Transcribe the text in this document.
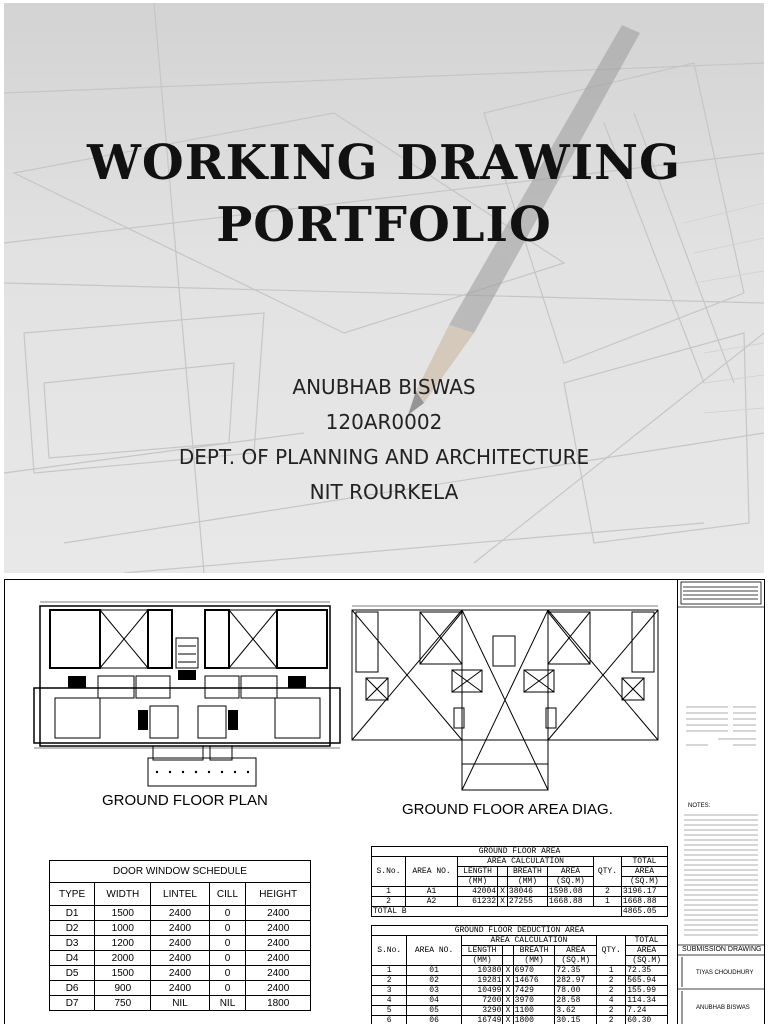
WORKING DRAWING
PORTFOLIO
ANUBHAB BISWAS
120AR0002
DEPT. OF PLANNING AND ARCHITECTURE
NIT ROURKELA
GROUND FLOOR PLAN
GROUND FLOOR AREA DIAG.
DOOR WINDOW SCHEDULE				
TYPE	WIDTH	LINTEL	CILL	HEIGHT
D1	1500	2400	0	2400
D2	1000	2400	0	2400
D3	1200	2400	0	2400
D4	2000	2400	0	2400
D5	1500	2400	0	2400
D6	900	2400	0	2400
D7	750	NIL	NIL	1800
GROUND FLOOR AREA							
S.No.	AREA NO.	AREA CALCULATION				QTY.	TOTAL
		LENGTH		BREATH	AREA		AREA
		(MM)		(MM)	(SQ.M)		(SQ.M)
1	A1	42004	X	38046	1598.08	2	3196.17
2	A2	61232	X	27255	1668.88	1	1668.88
TOTAL B							4865.05
GROUND FLOOR DEDUCTION AREA							
S.No.	AREA NO.	AREA CALCULATION				QTY.	TOTAL
		LENGTH		BREATH	AREA		AREA
		(MM)		(MM)	(SQ.M)		(SQ.M)
1	01	10380	X	6970	72.35	1	72.35
2	02	19281	X	14676	282.97	2	565.94
3	03	10499	X	7429	78.00	2	155.99
4	04	7200	X	3970	28.58	4	114.34
5	05	3290	X	1100	3.62	2	7.24
6	06	16749	X	1800	30.15	2	60.30
NOTES:
SUBMISSION DRAWING
TIYAS CHOUDHURY
ANUBHAB BISWAS
